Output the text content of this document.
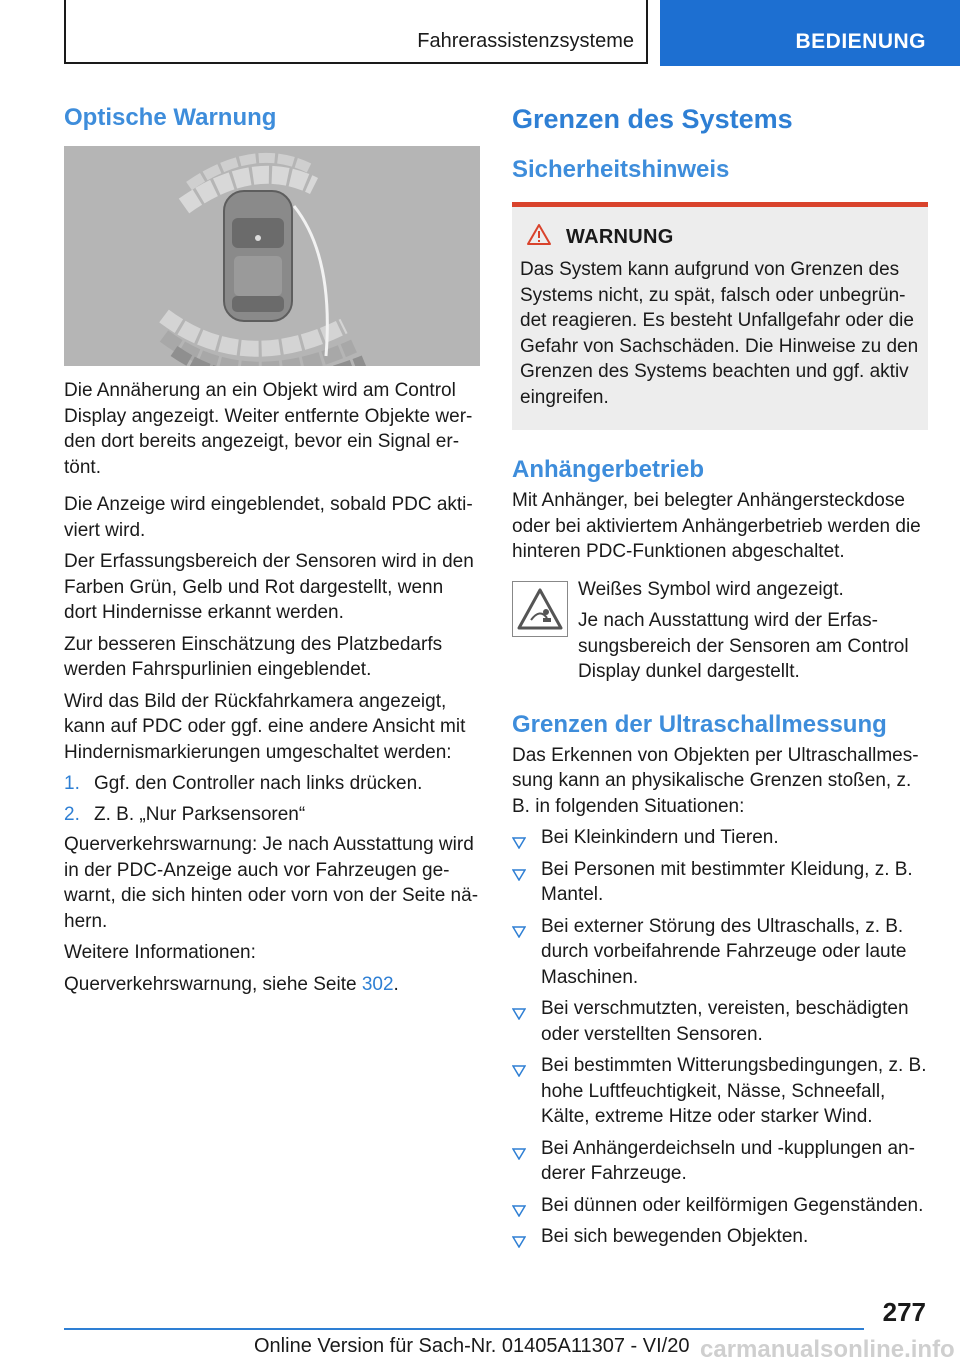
Fahrerassistenzsysteme	BEDIENUNG
Optische Warnung

Die Annäherung an ein Objekt wird am Control Display angezeigt. Weiter entfernte Objekte werden dort bereits angezeigt, bevor ein Signal ertönt.

Die Anzeige wird eingeblendet, sobald PDC aktiviert wird.

Der Erfassungsbereich der Sensoren wird in den Farben Grün, Gelb und Rot dargestellt, wenn dort Hindernisse erkannt werden.

Zur besseren Einschätzung des Platzbedarfs werden Fahrspurlinien eingeblendet.

Wird das Bild der Rückfahrkamera angezeigt, kann auf PDC oder ggf. eine andere Ansicht mit Hindernismarkierungen umgeschaltet werden:

1. Ggf. den Controller nach links drücken.
2. Z. B. „Nur Parksensoren“

Querverkehrswarnung: Je nach Ausstattung wird in der PDC-Anzeige auch vor Fahrzeugen gewarnt, die sich hinten oder vorn von der Seite nähern.

Weitere Informationen:

Querverkehrswarnung, siehe Seite 302.

Grenzen des Systems
Sicherheitshinweis
WARNUNG

Das System kann aufgrund von Grenzen des Systems nicht, zu spät, falsch oder unbegründet reagieren. Es besteht Unfallgefahr oder die Gefahr von Sachschäden. Die Hinweise zu den Grenzen des Systems beachten und ggf. aktiv eingreifen.

Anhängerbetrieb

Mit Anhänger, bei belegter Anhängersteckdose oder bei aktiviertem Anhängerbetrieb werden die hinteren PDC-Funktionen abgeschaltet.

Weißes Symbol wird angezeigt.

Je nach Ausstattung wird der Erfassungsbereich der Sensoren am Control Display dunkel dargestellt.

Grenzen der Ultraschallmessung

Das Erkennen von Objekten per Ultraschallmessung kann an physikalische Grenzen stoßen, z. B. in folgenden Situationen:

Bei Kleinkindern und Tieren.
Bei Personen mit bestimmter Kleidung, z. B. Mantel.
Bei externer Störung des Ultraschalls, z. B. durch vorbeifahrende Fahrzeuge oder laute Maschinen.
Bei verschmutzten, vereisten, beschädigten oder verstellten Sensoren.
Bei bestimmten Witterungsbedingungen, z. B. hohe Luftfeuchtigkeit, Nässe, Schneefall, Kälte, extreme Hitze oder starker Wind.
Bei Anhängerdeichseln und -kupplungen anderer Fahrzeuge.
Bei dünnen oder keilförmigen Gegenständen.
Bei sich bewegenden Objekten.
277
Online Version für Sach-Nr. 01405A11307 - VI/20 carmanualsonline.info
